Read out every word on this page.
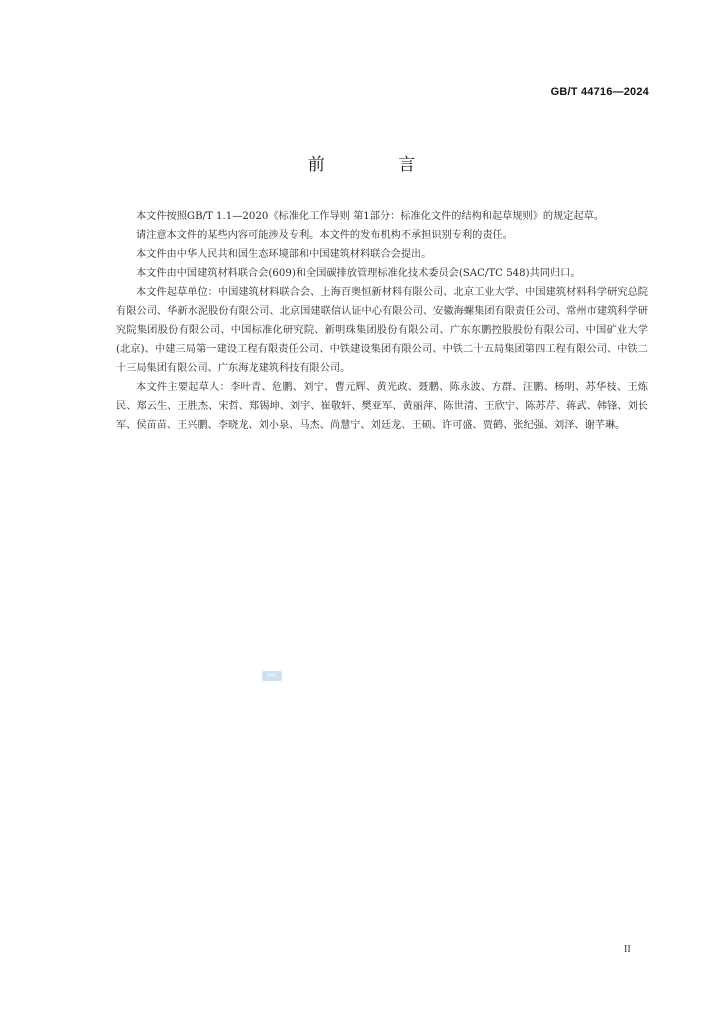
GB/T 44716—2024
前 言

本文件按照GB/T 1.1—2020《标准化工作导则 第1部分：标准化文件的结构和起草规则》的规定起草。

请注意本文件的某些内容可能涉及专利。本文件的发布机构不承担识别专利的责任。

本文件由中华人民共和国生态环境部和中国建筑材料联合会提出。

本文件由中国建筑材料联合会(609)和全国碳排放管理标准化技术委员会(SAC/TC 548)共同归口。

本文件起草单位：中国建筑材料联合会、上海百奥恒新材料有限公司、北京工业大学、中国建筑材料科学研究总院有限公司、华新水泥股份有限公司、北京国建联信认证中心有限公司、安徽海螺集团有限责任公司、常州市建筑科学研究院集团股份有限公司、中国标准化研究院、新明珠集团股份有限公司、广东东鹏控股股份有限公司、中国矿业大学(北京)、中建三局第一建设工程有限责任公司、中铁建设集团有限公司、中铁二十五局集团第四工程有限公司、中铁二十三局集团有限公司、广东海龙建筑科技有限公司。

本文件主要起草人：李叶青、危鹏、刘宁、曹元辉、黄光政、聂鹏、陈永波、方群、汪鹏、杨明、苏华枝、王炼民、郑云生、王胜杰、宋哲、郑锡坤、刘宇、崔敬轩、樊亚军、黄丽萍、陈世清、王欣宁、陈苏芹、蒋武、韩锋、刘长军、侯苗苗、王兴鹏、李晓龙、刘小泉、马杰、尚慧宁、刘廷龙、王硕、许可盛、贾鹤、张纪强、刘泽、谢芊琳。

SAC
II
